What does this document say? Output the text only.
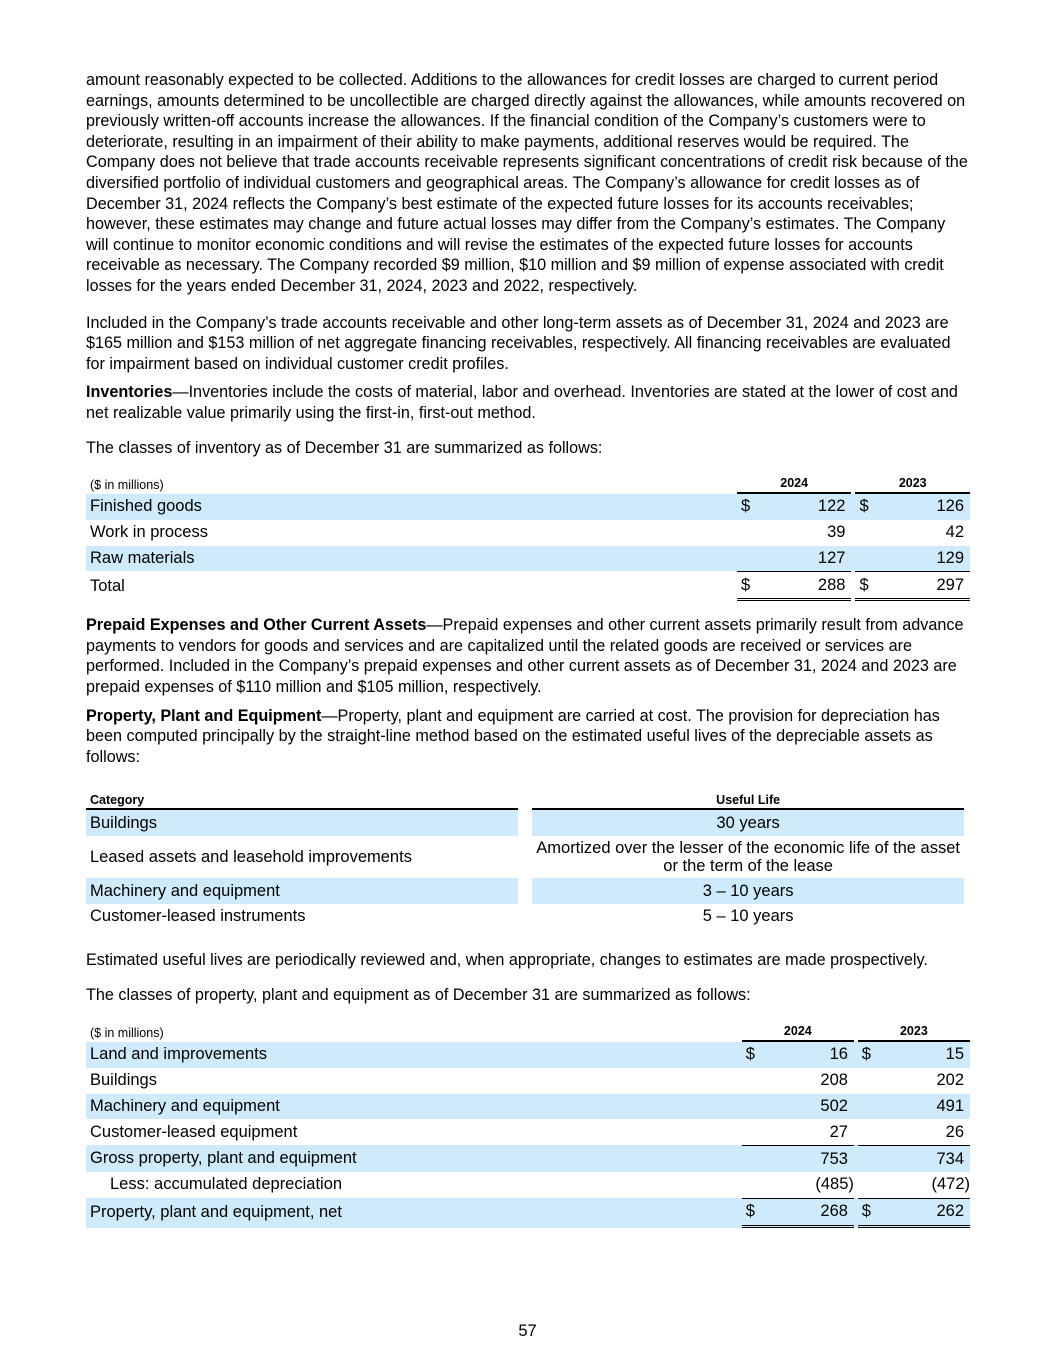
amount reasonably expected to be collected. Additions to the allowances for credit losses are charged to current period earnings, amounts determined to be uncollectible are charged directly against the allowances, while amounts recovered on previously written-off accounts increase the allowances. If the financial condition of the Company’s customers were to deteriorate, resulting in an impairment of their ability to make payments, additional reserves would be required. The Company does not believe that trade accounts receivable represents significant concentrations of credit risk because of the diversified portfolio of individual customers and geographical areas. The Company’s allowance for credit losses as of December 31, 2024 reflects the Company’s best estimate of the expected future losses for its accounts receivables; however, these estimates may change and future actual losses may differ from the Company’s estimates. The Company will continue to monitor economic conditions and will revise the estimates of the expected future losses for accounts receivable as necessary. The Company recorded $9 million, $10 million and $9 million of expense associated with credit losses for the years ended December 31, 2024, 2023 and 2022, respectively.

Included in the Company’s trade accounts receivable and other long-term assets as of December 31, 2024 and 2023 are $165 million and $153 million of net aggregate financing receivables, respectively. All financing receivables are evaluated for impairment based on individual customer credit profiles.

Inventories—Inventories include the costs of material, labor and overhead. Inventories are stated at the lower of cost and net realizable value primarily using the first-in, first-out method.

The classes of inventory as of December 31 are summarized as follows:

($ in millions)	2024			2023	
Finished goods	$	122		$	126
Work in process		39			42
Raw materials		127			129
Total	$	288		$	297

Prepaid Expenses and Other Current Assets—Prepaid expenses and other current assets primarily result from advance payments to vendors for goods and services and are capitalized until the related goods are received or services are performed. Included in the Company’s prepaid expenses and other current assets as of December 31, 2024 and 2023 are prepaid expenses of $110 million and $105 million, respectively.

Property, Plant and Equipment—Property, plant and equipment are carried at cost. The provision for depreciation has been computed principally by the straight-line method based on the estimated useful lives of the depreciable assets as follows:

Category		Useful Life
Buildings		30 years
Leased assets and leasehold improvements		Amortized over the lesser of the economic life of the asset or the term of the lease
Machinery and equipment		3 – 10 years
Customer-leased instruments		5 – 10 years

Estimated useful lives are periodically reviewed and, when appropriate, changes to estimates are made prospectively.

The classes of property, plant and equipment as of December 31 are summarized as follows:

($ in millions)	2024			2023	
Land and improvements	$	16		$	15
Buildings		208			202
Machinery and equipment		502			491
Customer-leased equipment		27			26
Gross property, plant and equipment		753			734
Less: accumulated depreciation		(485)			(472)
Property, plant and equipment, net	$	268		$	262
57
